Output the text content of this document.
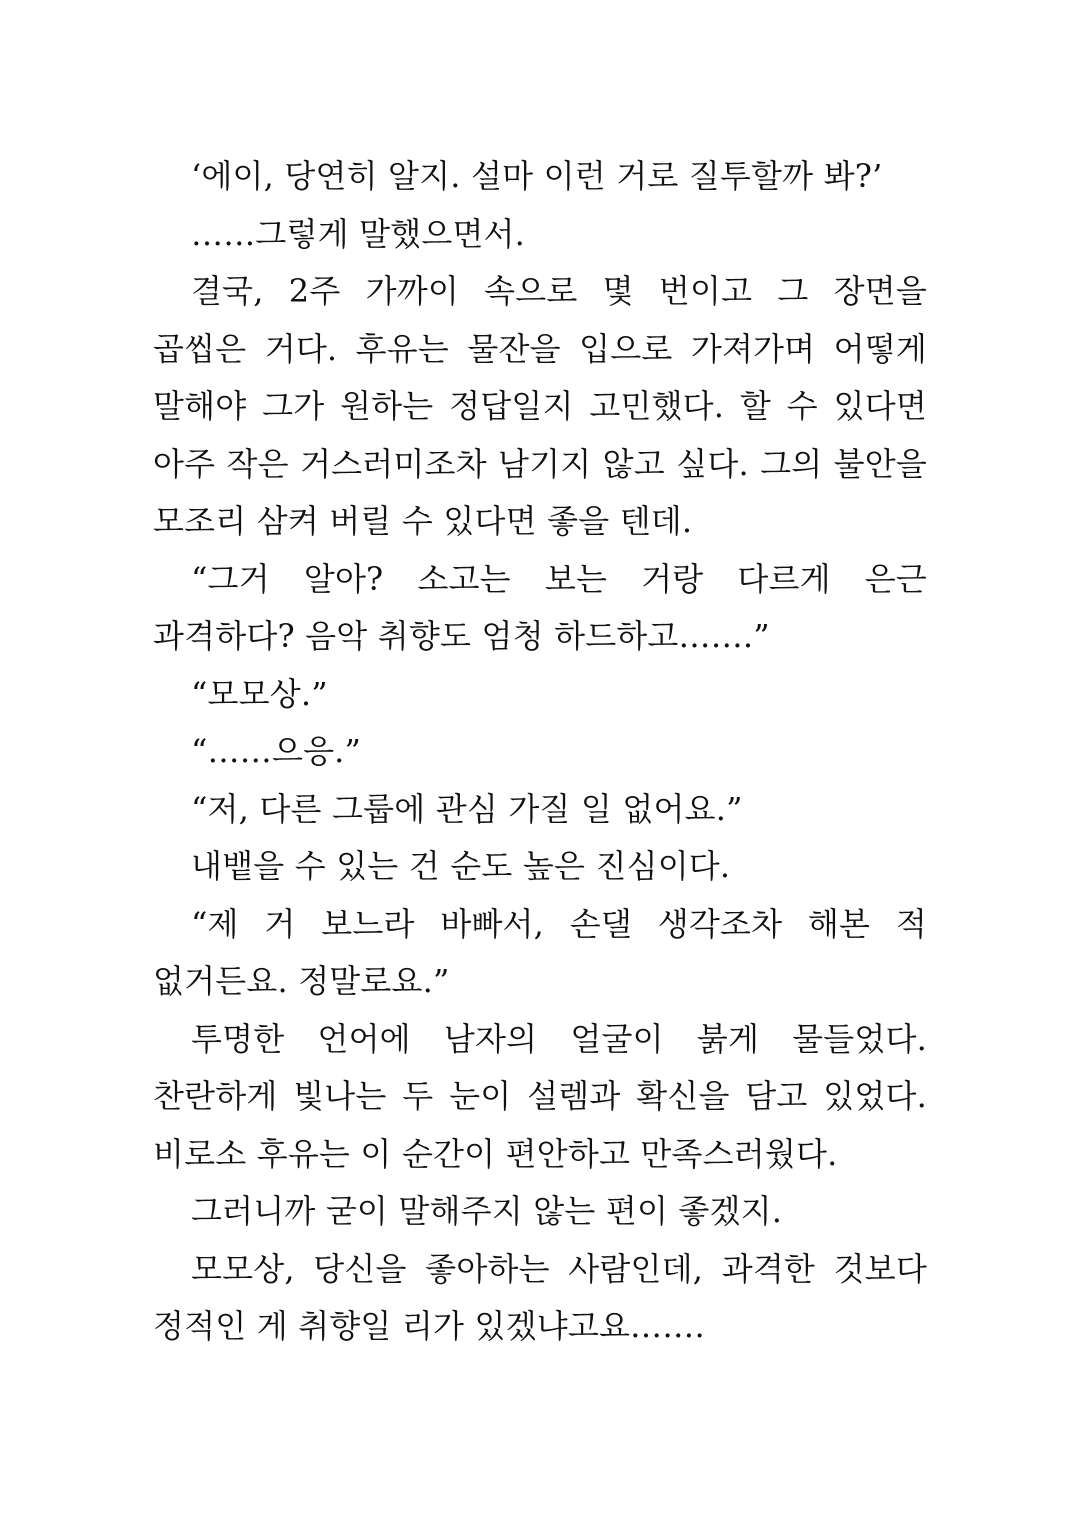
‘에이, 당연히 알지. 설마 이런 거로 질투할까 봐?’

……그렇게 말했으면서.

결국, 2주 가까이 속으로 몇 번이고 그 장면을 곱씹은 거다. 후유는 물잔을 입으로 가져가며 어떻게 말해야 그가 원하는 정답일지 고민했다. 할 수 있다면 아주 작은 거스러미조차 남기지 않고 싶다. 그의 불안을 모조리 삼켜 버릴 수 있다면 좋을 텐데.

“그거 알아? 소고는 보는 거랑 다르게 은근 과격하다? 음악 취향도 엄청 하드하고…….”

“모모상.”

“……으응.”

“저, 다른 그룹에 관심 가질 일 없어요.”

내뱉을 수 있는 건 순도 높은 진심이다.

“제 거 보느라 바빠서, 손댈 생각조차 해본 적 없거든요. 정말로요.”

투명한 언어에 남자의 얼굴이 붉게 물들었다. 찬란하게 빛나는 두 눈이 설렘과 확신을 담고 있었다. 비로소 후유는 이 순간이 편안하고 만족스러웠다.

그러니까 굳이 말해주지 않는 편이 좋겠지.

모모상, 당신을 좋아하는 사람인데, 과격한 것보다 정적인 게 취향일 리가 있겠냐고요…….
